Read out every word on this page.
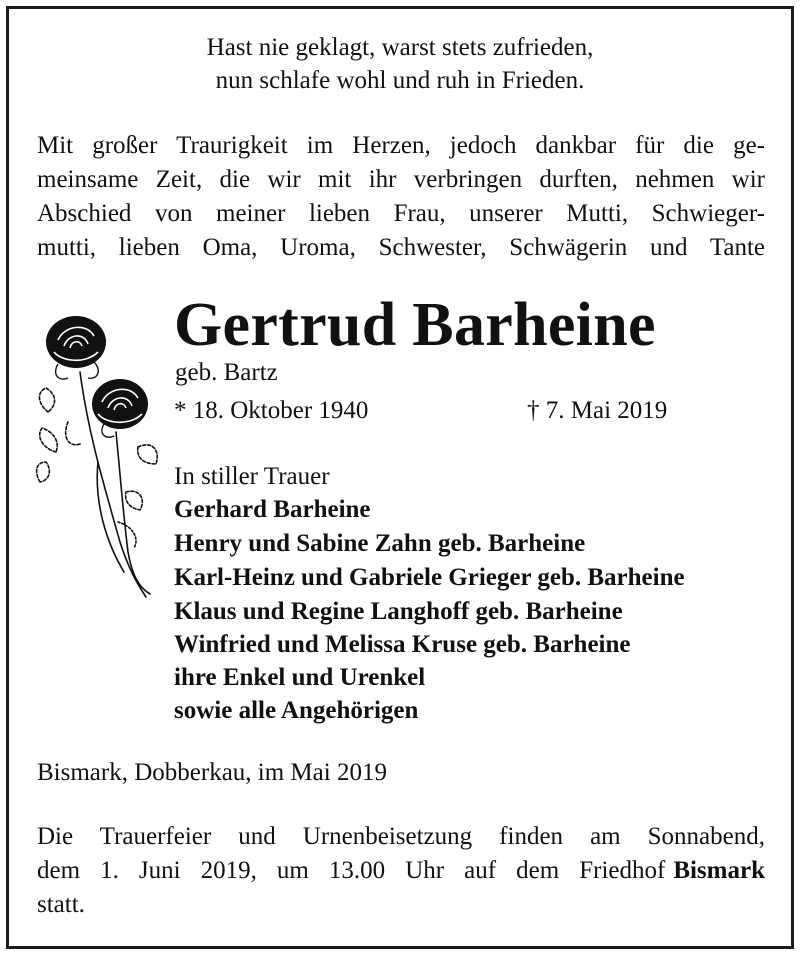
Hast nie geklagt, warst stets zufrieden,
nun schlafe wohl und ruh in Frieden.
Mit großer Traurigkeit im Herzen, jedoch dankbar für die ge-
meinsame Zeit, die wir mit ihr verbringen durften, nehmen wir
Abschied von meiner lieben Frau, unserer Mutti, Schwieger-
mutti, lieben Oma, Uroma, Schwester, Schwägerin und Tante
Gertrud Barheine
geb. Bartz
* 18. Oktober 1940	† 7. Mai 2019
In stiller Trauer
Gerhard Barheine
Henry und Sabine Zahn geb. Barheine
Karl-Heinz und Gabriele Grieger geb. Barheine
Klaus und Regine Langhoff geb. Barheine
Winfried und Melissa Kruse geb. Barheine
ihre Enkel und Urenkel
sowie alle Angehörigen
Bismark, Dobberkau, im Mai 2019
Die Trauerfeier und Urnenbeisetzung finden am Sonnabend,
dem 1. Juni 2019, um 13.00 Uhr auf dem Friedhof Bismark
statt.
